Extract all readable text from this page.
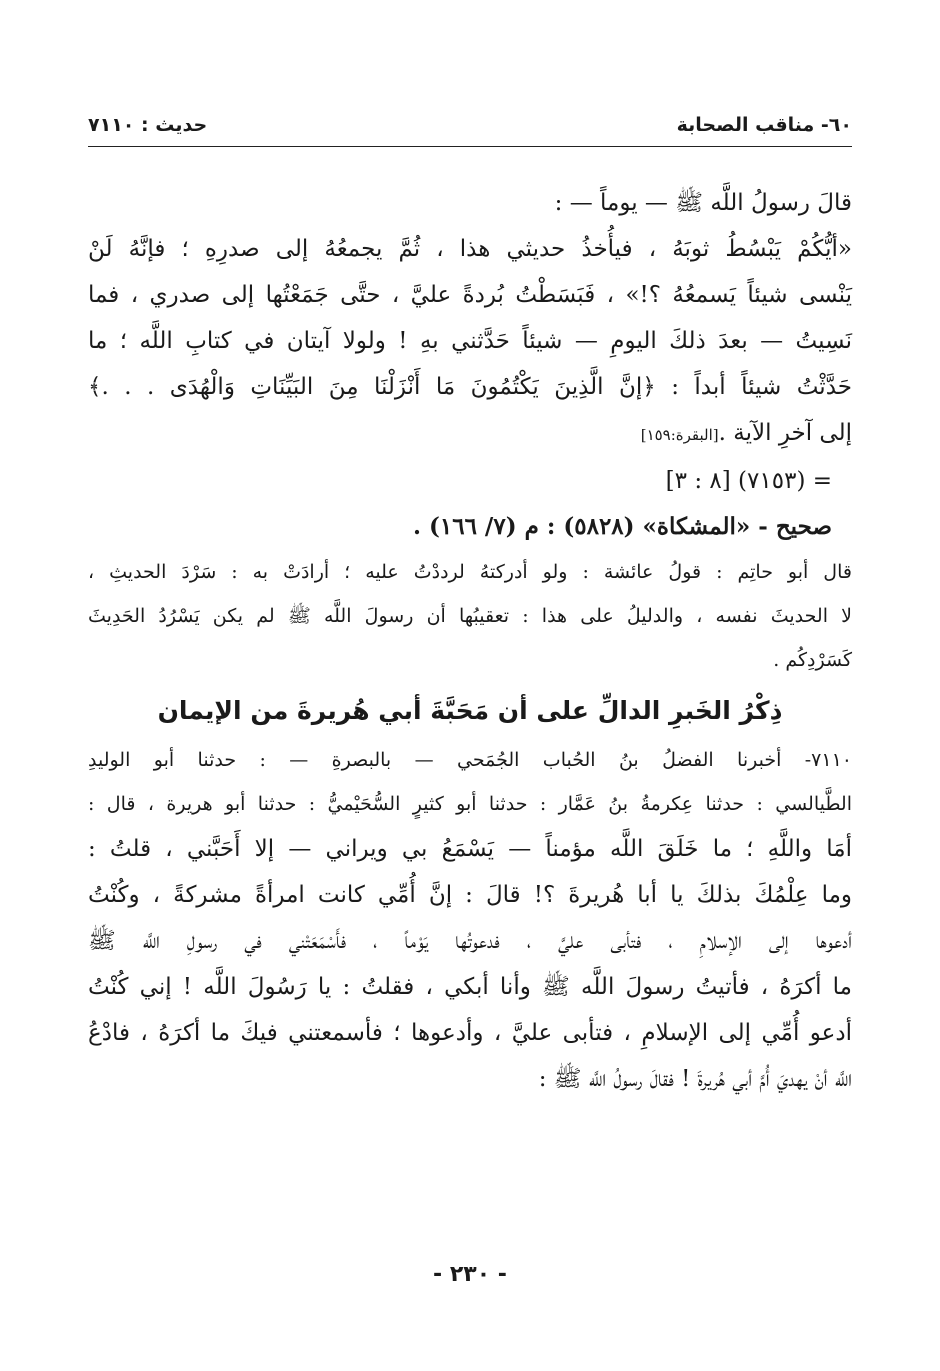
٦٠- مناقب الصحابة
حديث : ٧١١٠
قالَ رسولُ اللَّه ﷺ — يوماً — :
«أيُّكُمْ يَبْسُطُ ثوبَهُ ، فيأُخذُ حديثي هذا ، ثُمَّ يجمعُهُ إلى صدرِهِ ؛ فإنَّهُ لَنْ
يَنْسى شيئاً يَسمعُهُ ؟!» ، فَبَسَطْتُ بُردةً عليَّ ، حتَّى جَمَعْتُها إلى صدري ، فما
نَسِيتُ — بعدَ ذلكَ اليومِ — شيئاً حَدَّثني بهِ ! ولولا آيتان في كتابِ اللَّه ؛ ما
حَدَّثْتُ شيئاً أبداً : ﴿إنَّ الَّذِينَ يَكْتُمُونَ مَا أَنْزَلْنَا مِنَ البَيِّنَاتِ وَالْهُدَى . . .﴾
إلى آخرِ الآية .[البقرة:١٥٩]
= (٧١٥٣) [٨ : ٣]
صحيح - «المشكاة» (٥٨٢٨) : م (٧/ ١٦٦) .
قال أبو حاتِم : قولُ عائشة : ولو أدركتهُ لرددْتُ عليه ؛ أرادَتْ به : سَرْدَ الحديثِ ،
لا الحديثَ نفسه ، والدليلُ على هذا : تعقيبُها أن رسولَ اللَّه ﷺ لم يكن يَسْرُدُ الحَدِيثَ
كَسَرْدِكُم .
ذِكْرُ الخَبرِ الدالِّ على أن مَحَبَّةَ أبي هُريرةَ من الإيمان
٧١١٠- أخبرنا الفضلُ بنُ الحُباب الجُمَحي — بالبصرةِ — : حدثنا أبو الوليدِ
الطَّيالسي : حدثنا عِكرمةُ بنُ عَمَّار : حدثنا أبو كثيرٍ السُّحَيْميُّ : حدثنا أبو هريرة ، قال :
أمَا واللَّهِ ؛ ما خَلَقَ اللَّه مؤمناً — يَسْمَعُ بي ويراني — إلا أَحَبَّني ، قلتُ :
وما عِلْمُكَ بذلكَ يا أبا هُريرةَ ؟! قالَ : إنَّ أُمِّي كانت امرأةً مشركةً ، وكُنْتُ
أدعوها إلى الإسلامِ ، فتأبى عليَّ ، فدعوتُها يَوْماً ، فأَسْمَعَتْني في رسولِ اللَّه ﷺ
ما أكرَهُ ، فأتيتُ رسولَ اللَّه ﷺ وأنا أبكي ، فقلتُ : يا رَسُولَ اللَّه ! إني كُنْتُ
أدعو أُمِّي إلى الإسلامِ ، فتأبى عليَّ ، وأدعوها ؛ فأسمعتني فيكَ ما أكرَهُ ، فادْعُ
اللَّه أنْ يهديَ أُمَّ أبي هُريرةَ ! فقالَ رسولُ اللَّه ﷺ :
- ٢٣٠ -
